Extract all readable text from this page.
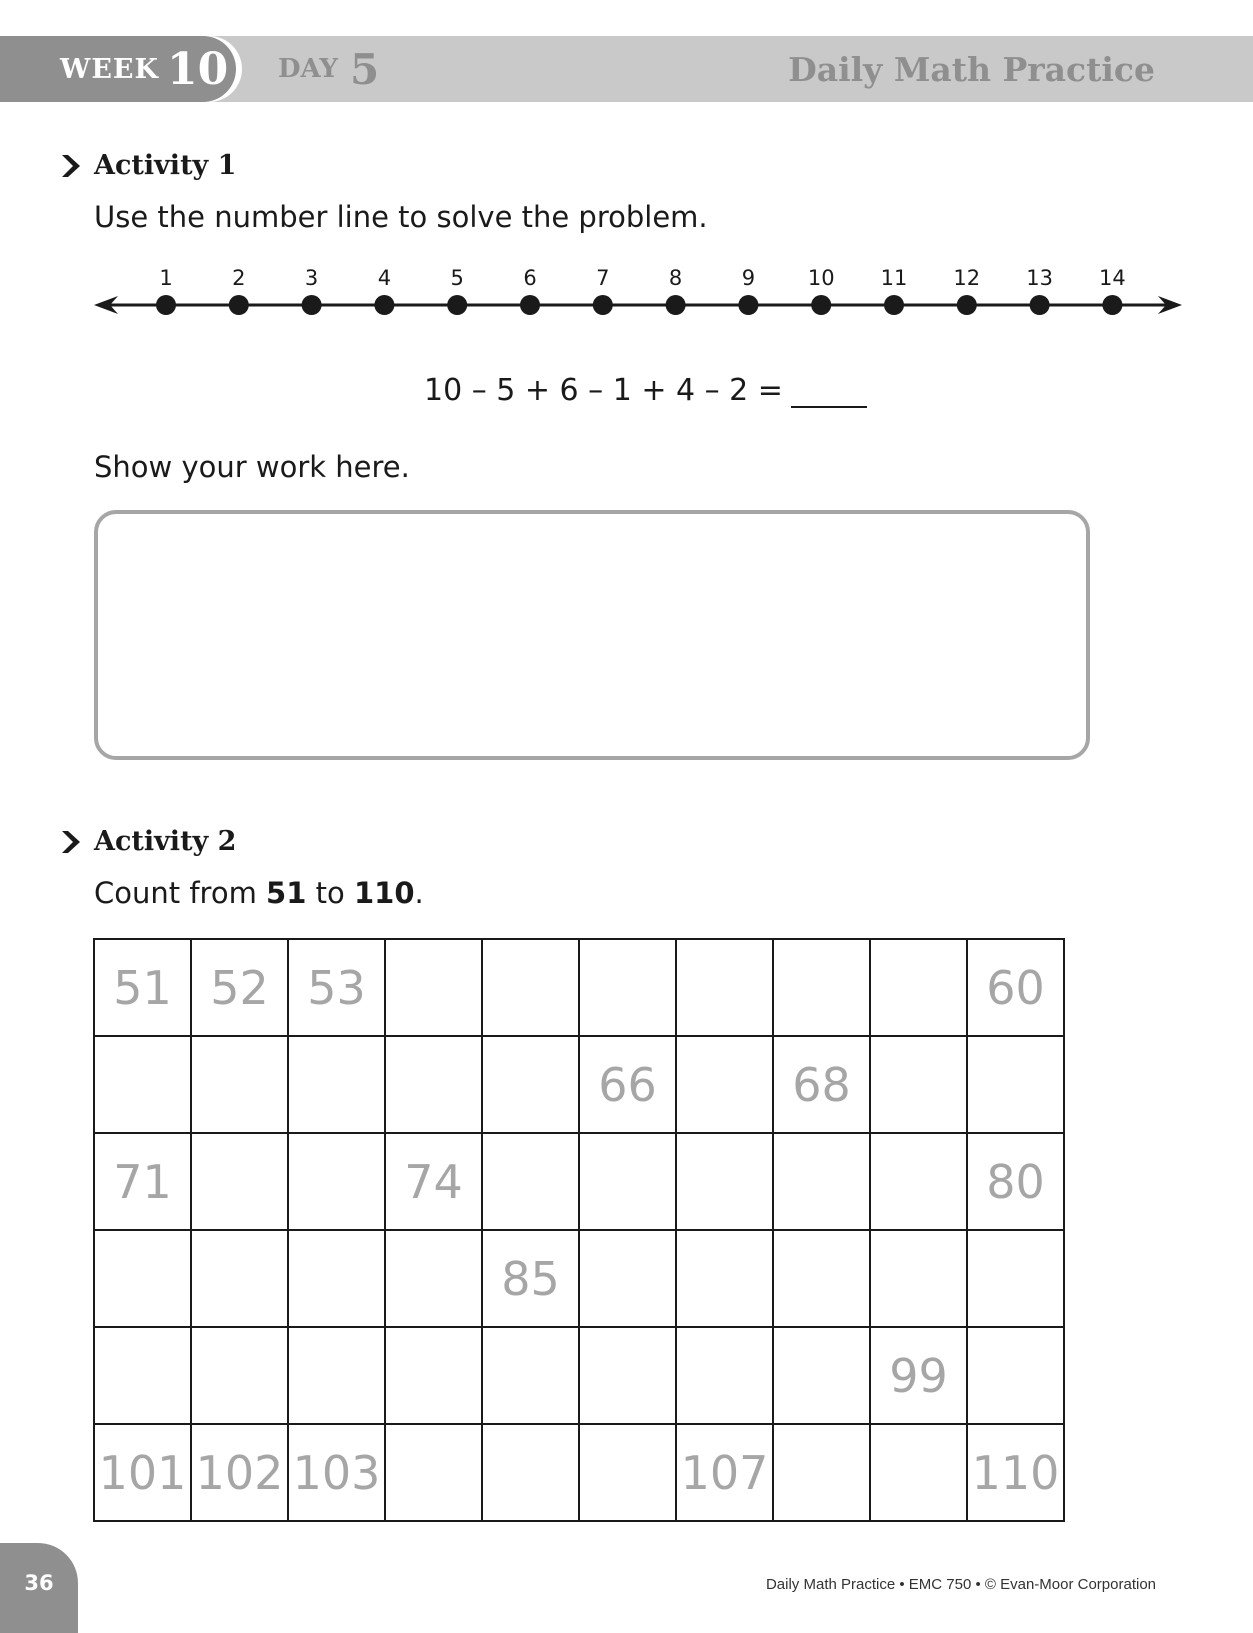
WEEK 10 DAY 5	Daily Math Practice
Activity 1
Use the number line to solve the problem.
1	2	3	4	5	6	7	8	9	10 11 12 13 14
10 – 5 + 6 – 1 + 4 – 2 =
Show your work here.
Activity 2
Count from 51 to 110.
51	52	53							60
					66		68		
71			74						80
				85					
								99	
101	102	103				107			110
36	Daily Math Practice • EMC 750 • © Evan-Moor Corporation
